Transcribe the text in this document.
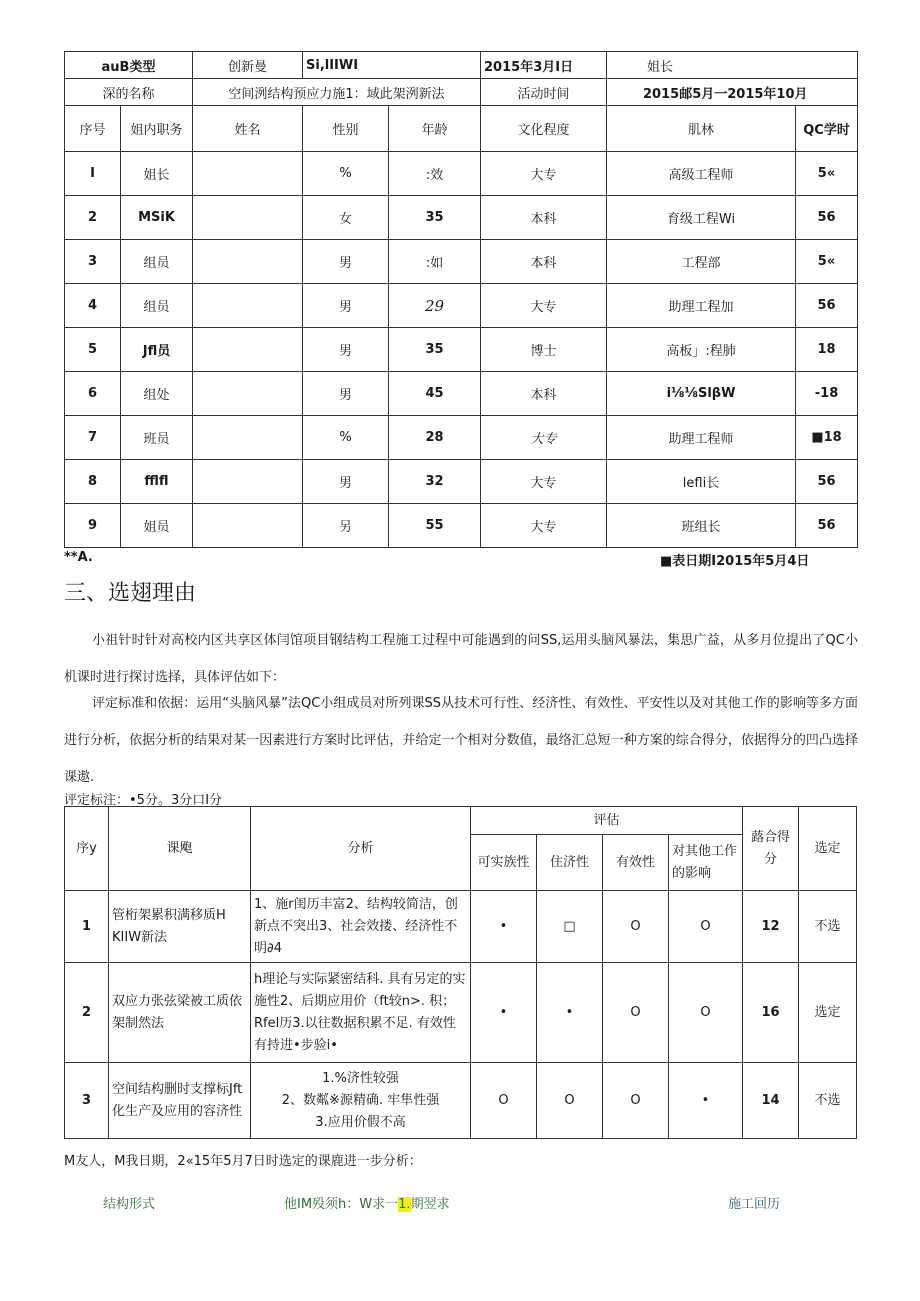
auB类型		创新曼	Si,lIIWI		2015年3月I日	姐长	
深的名称		空间洌结构预应力施1：域此架洌新法			活动时间	2015邮5月一2015年10月	
序号	姐内职务	姓名	性别	年龄	文化程度	肌林	QC学时
I	姐长		%	:效	大专	高级工程师	5«
2	MSiK		女	35	本科	育级工程Wi	56
3	组员		男	:如	本科	工程部	5«
4	组员		男	29	大专	助理工程加	56
5	Jfl员		男	35	博士	高板」:程肺	18
6	组处		男	45	本科	i⅛⅛SlβW	-18
7	班员		%	28	大专	助理工程师	■18
8	fflfl		男	32	大专	lefli长	56
9	姐员		另	55	大专	班组长	56
**A.	■表日期I2015年5月4日
三、选翅理由
小祖针时针对高校内区共享区体闫馆项目钢结构工程施工过程中可能遇到的问SS,运用头脑风暴法，集思广益，从多月位提出了QC小机课时进行探讨选择，具体评估如下：
评定标准和依据：运用“头脑风暴”法QC小组成员对所列课SS从技术可行性、经济性、有效性、平安性以及对其他工作的影响等多方面进行分析，依据分析的结果对某一因素进行方案时比评估，并给定一个相对分数值，最络汇总短一种方案的综合得分，依据得分的凹凸选择课遨.
评定标注：•5分。3分口I分
序y	课飑	分析	评估				蕗合得分	选定
			可实族性	住济性	有效性	对其他工作的影响		
1	管桁架累积满移质H KIIW新法	1、施r闺历丰富2、结构较简洁，创新点不突出3、社会效搂、经济性不明∂4	•	□	O	O	12	不选
2	双应力张弦梁被工质依架制然法	h理论与实际紧密结科. 具有另定的实施性2、后期应用价（ft较n>. 积；Rfel历3.以往数据积累不足. 有效性有持进•步验i•	•	•	O	O	16	选定
3	空间结构删时支撑标Jft化生产及应用的容济性	1.%济性较强
2、数粼※源精确. 牢隼性强
3.应用价假不高	O	O	O	•	14	不选
M友人，M我日期，2«15年5月7日时选定的课鹿进一步分析：
结构形式	他IM殁须h：W求一1.期翌求	施工回历
